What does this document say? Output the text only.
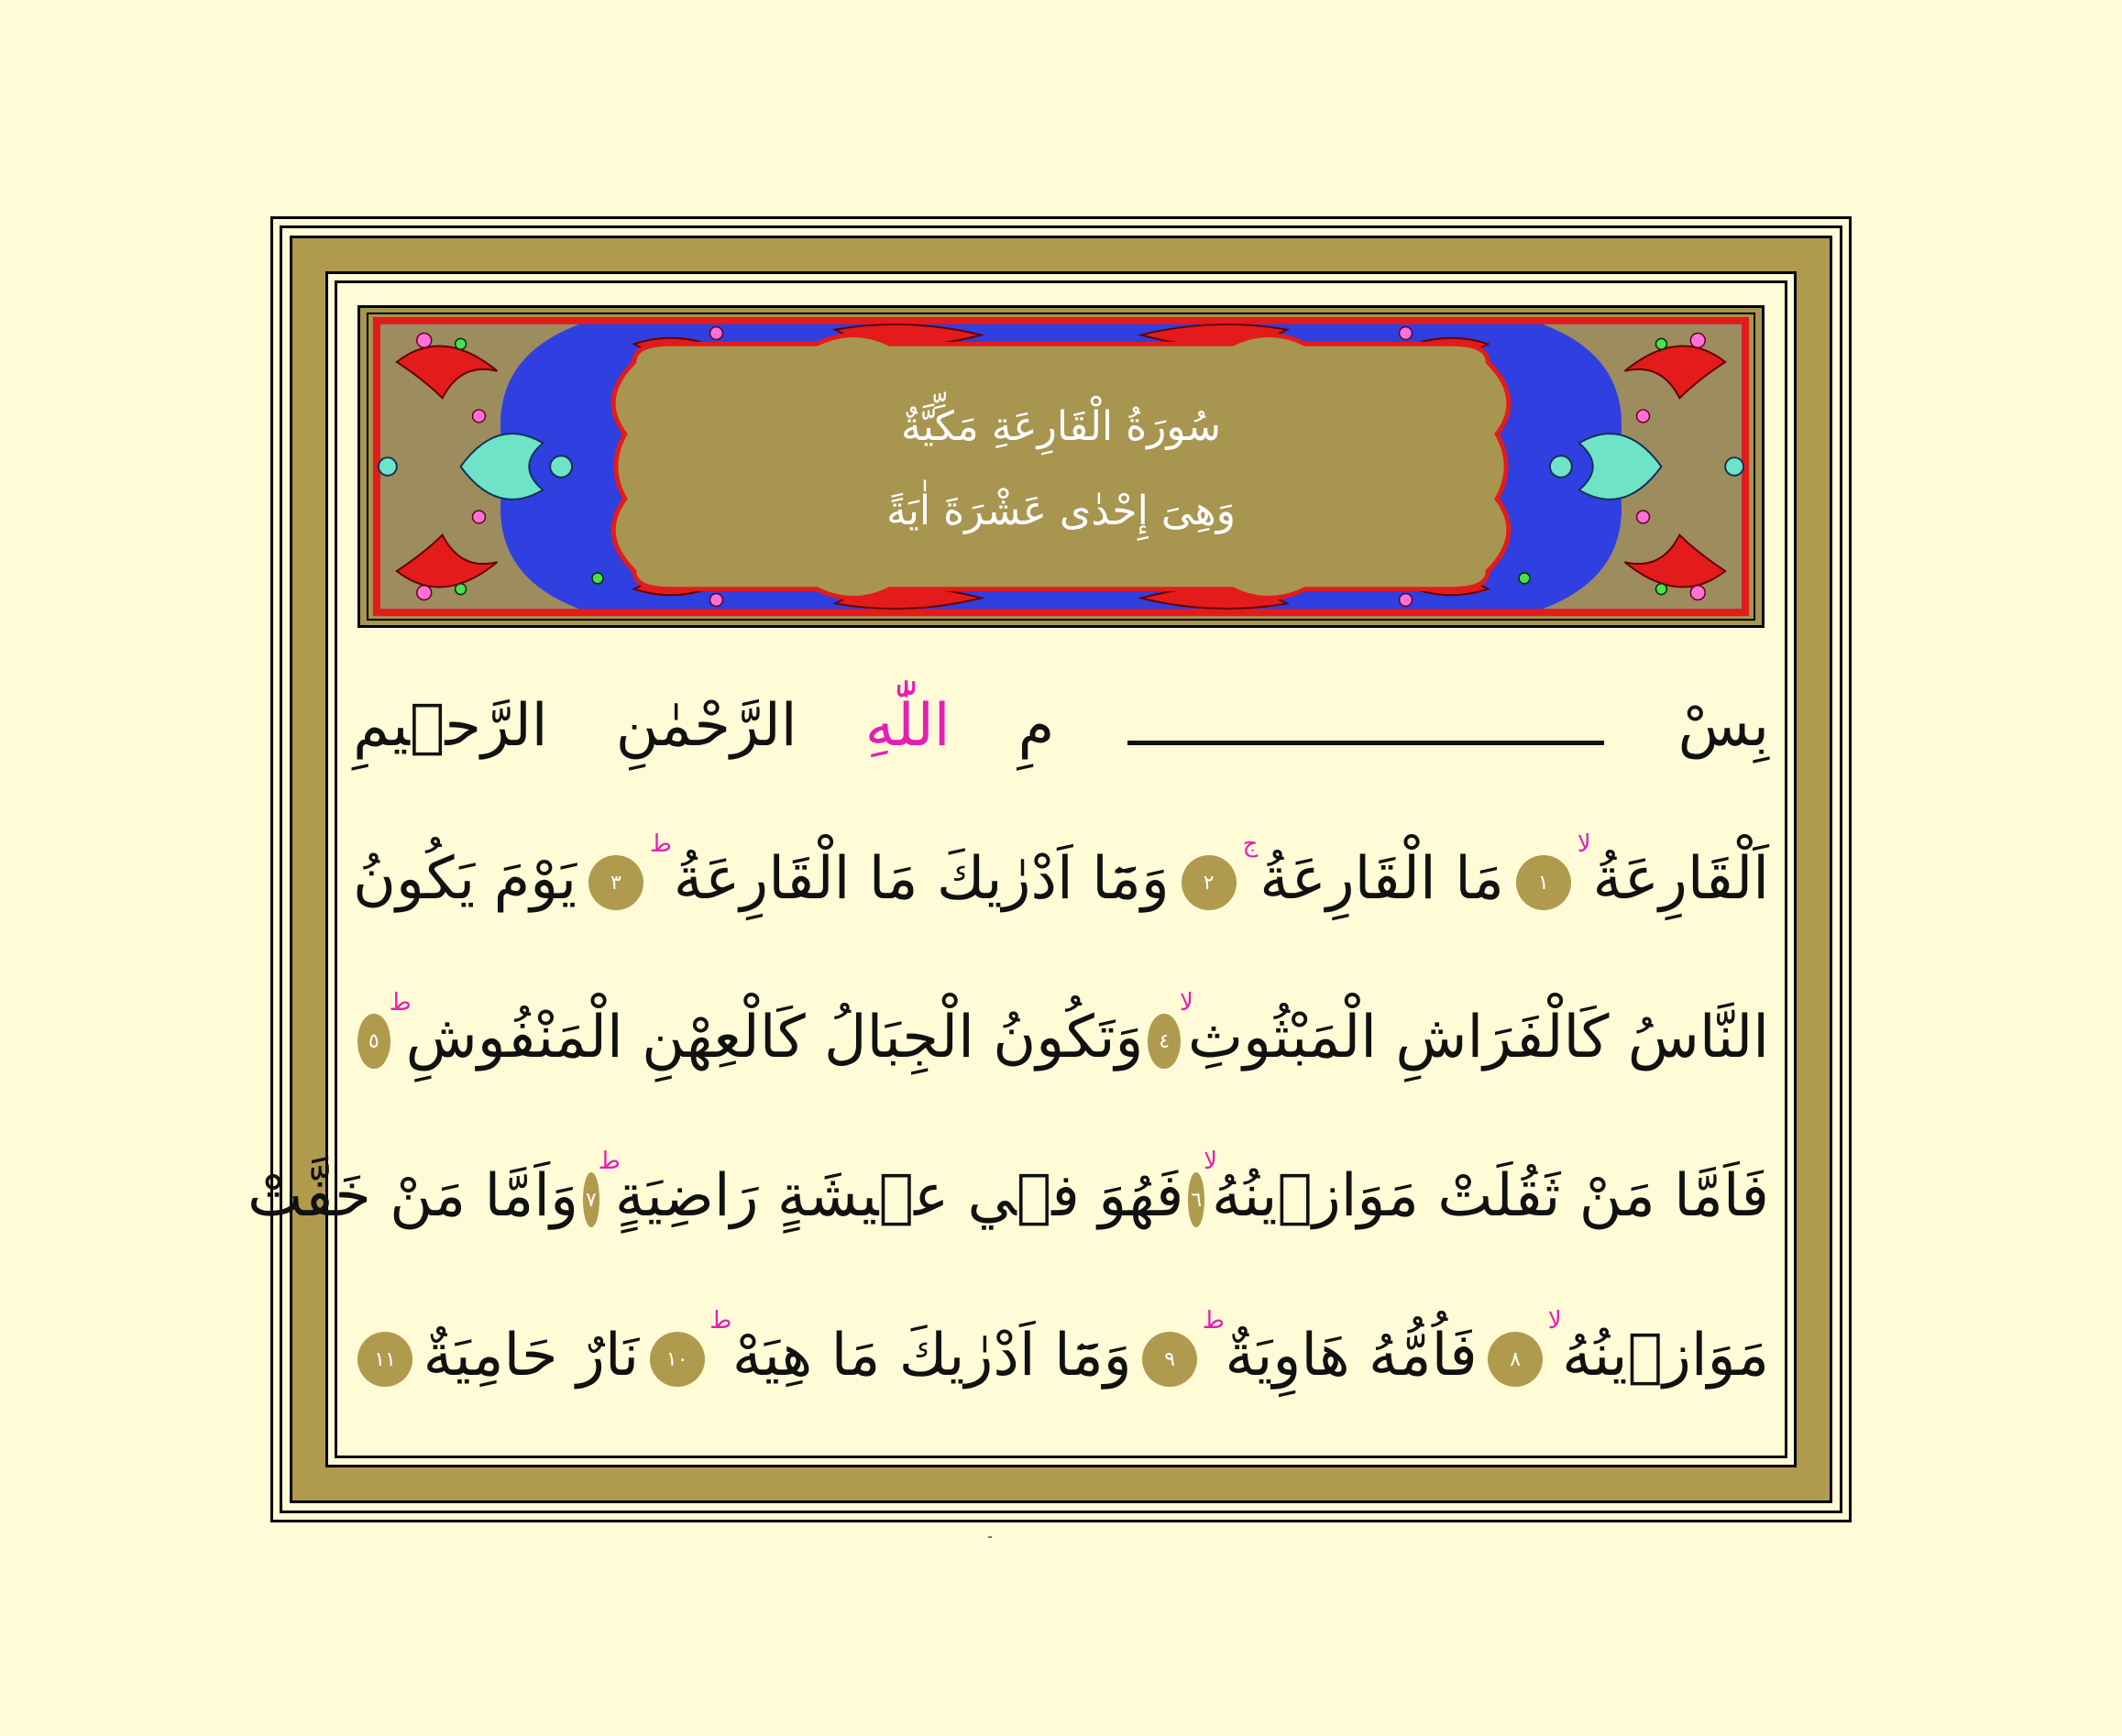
سُورَةُ الْقَارِعَةِ مَكِّيَّةٌ
وَهِىَ إِحْدٰى عَشْرَةَ اٰيَةً
بِسْ
مِ
اللّٰهِ
الرَّحْمٰنِ
الرَّح۪يمِ
اَلْقَارِعَةُ
لا
١
مَا الْقَارِعَةُ
ج
٢
وَمَٓا اَدْرٰيكَ مَا الْقَارِعَةُ
ط
٣
يَوْمَ يَكُونُ
النَّاسُ كَالْفَرَاشِ الْمَبْثُوثِ
لا
٤
وَتَكُونُ الْجِبَالُ كَالْعِهْنِ الْمَنْفُوشِ
ط
٥
فَاَمَّا مَنْ ثَقُلَتْ مَوَاز۪ينُهُ
لا
٦
فَهُوَ ف۪ي ع۪يشَةٍ رَاضِيَةٍ
ط
٧
وَاَمَّا مَنْ خَفَّتْ
مَوَاز۪ينُهُ
لا
٨
فَاُمُّهُ هَاوِيَةٌ
ط
٩
وَمَٓا اَدْرٰيكَ مَا هِيَهْ
ط
١٠
نَارٌ حَامِيَةٌ
١١
